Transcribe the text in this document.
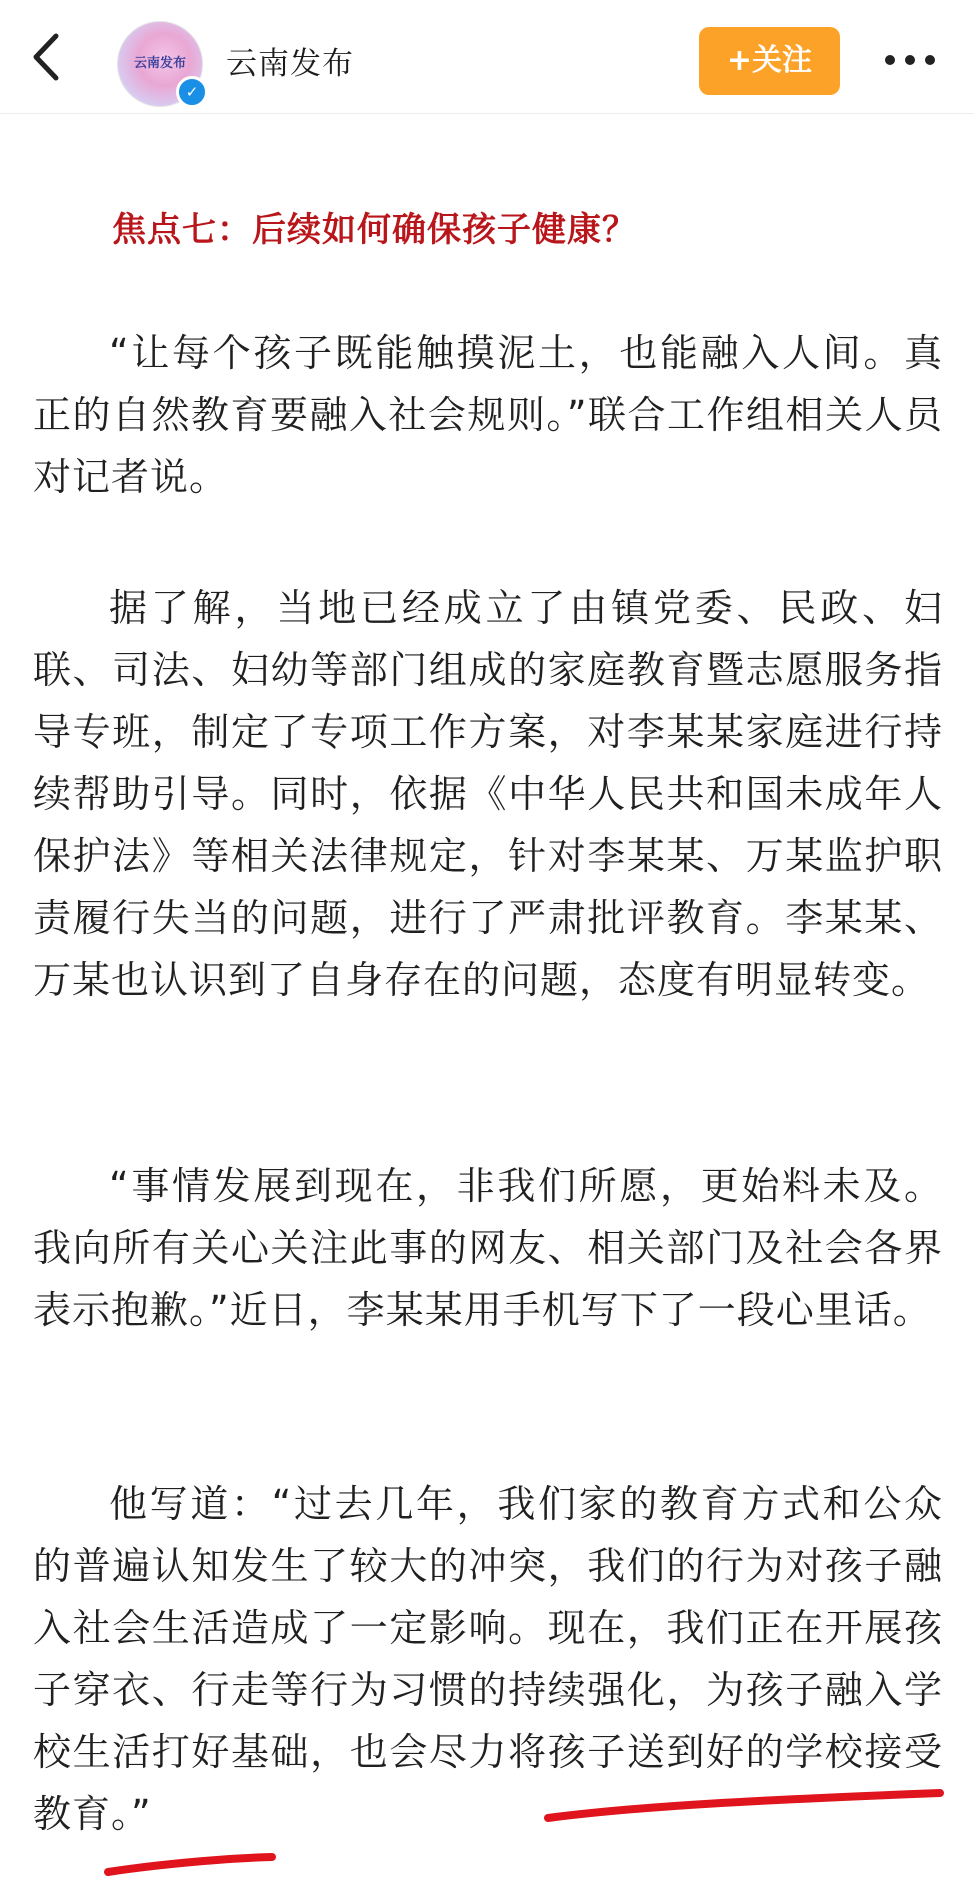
焦点七：后续如何确保孩子健康？
“让每个孩子既能触摸泥土，也能融入人间。真正的自然教育要融入社会规则。”联合工作组相关人员对记者说。
据了解，当地已经成立了由镇党委、民政、妇联、司法、妇幼等部门组成的家庭教育暨志愿服务指导专班，制定了专项工作方案，对李某某家庭进行持续帮助引导。同时，依据《中华人民共和国未成年人保护法》等相关法律规定，针对李某某、万某监护职责履行失当的问题，进行了严肃批评教育。李某某、万某也认识到了自身存在的问题，态度有明显转变。
“事情发展到现在，非我们所愿，更始料未及。我向所有关心关注此事的网友、相关部门及社会各界表示抱歉。”近日，李某某用手机写下了一段心里话。
他写道：“过去几年，我们家的教育方式和公众的普遍认知发生了较大的冲突，我们的行为对孩子融入社会生活造成了一定影响。现在，我们正在开展孩子穿衣、行走等行为习惯的持续强化，为孩子融入学校生活打好基础，也会尽力将孩子送到好的学校接受教育。”
云南发布
✓
云南发布	+关注
